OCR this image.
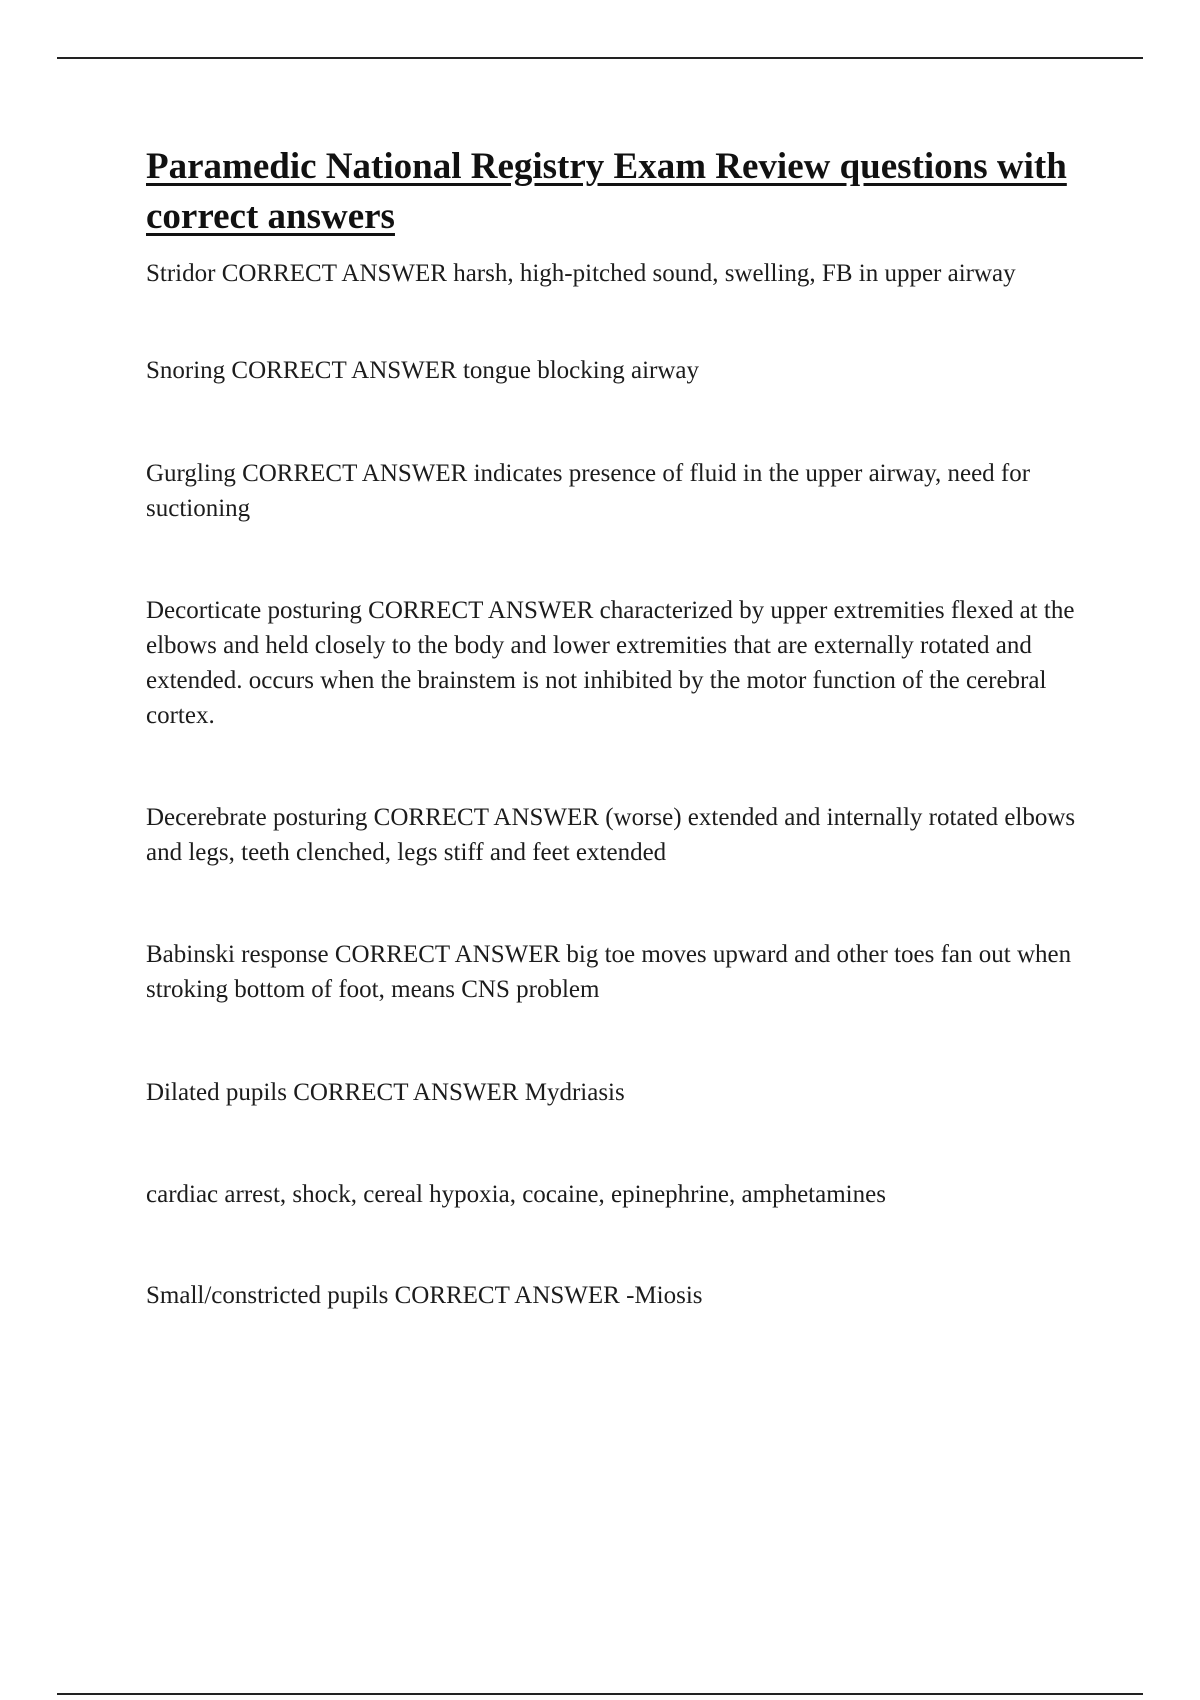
Paramedic National Registry Exam Review questions with correct answers

Stridor CORRECT ANSWER harsh, high-pitched sound, swelling, FB in upper airway

Snoring CORRECT ANSWER tongue blocking airway

Gurgling CORRECT ANSWER indicates presence of fluid in the upper airway, need for suctioning

Decorticate posturing CORRECT ANSWER characterized by upper extremities flexed at the elbows and held closely to the body and lower extremities that are externally rotated and extended. occurs when the brainstem is not inhibited by the motor function of the cerebral cortex.

Decerebrate posturing CORRECT ANSWER (worse) extended and internally rotated elbows and legs, teeth clenched, legs stiff and feet extended

Babinski response CORRECT ANSWER big toe moves upward and other toes fan out when stroking bottom of foot, means CNS problem

Dilated pupils CORRECT ANSWER Mydriasis

cardiac arrest, shock, cereal hypoxia, cocaine, epinephrine, amphetamines

Small/constricted pupils CORRECT ANSWER -Miosis
